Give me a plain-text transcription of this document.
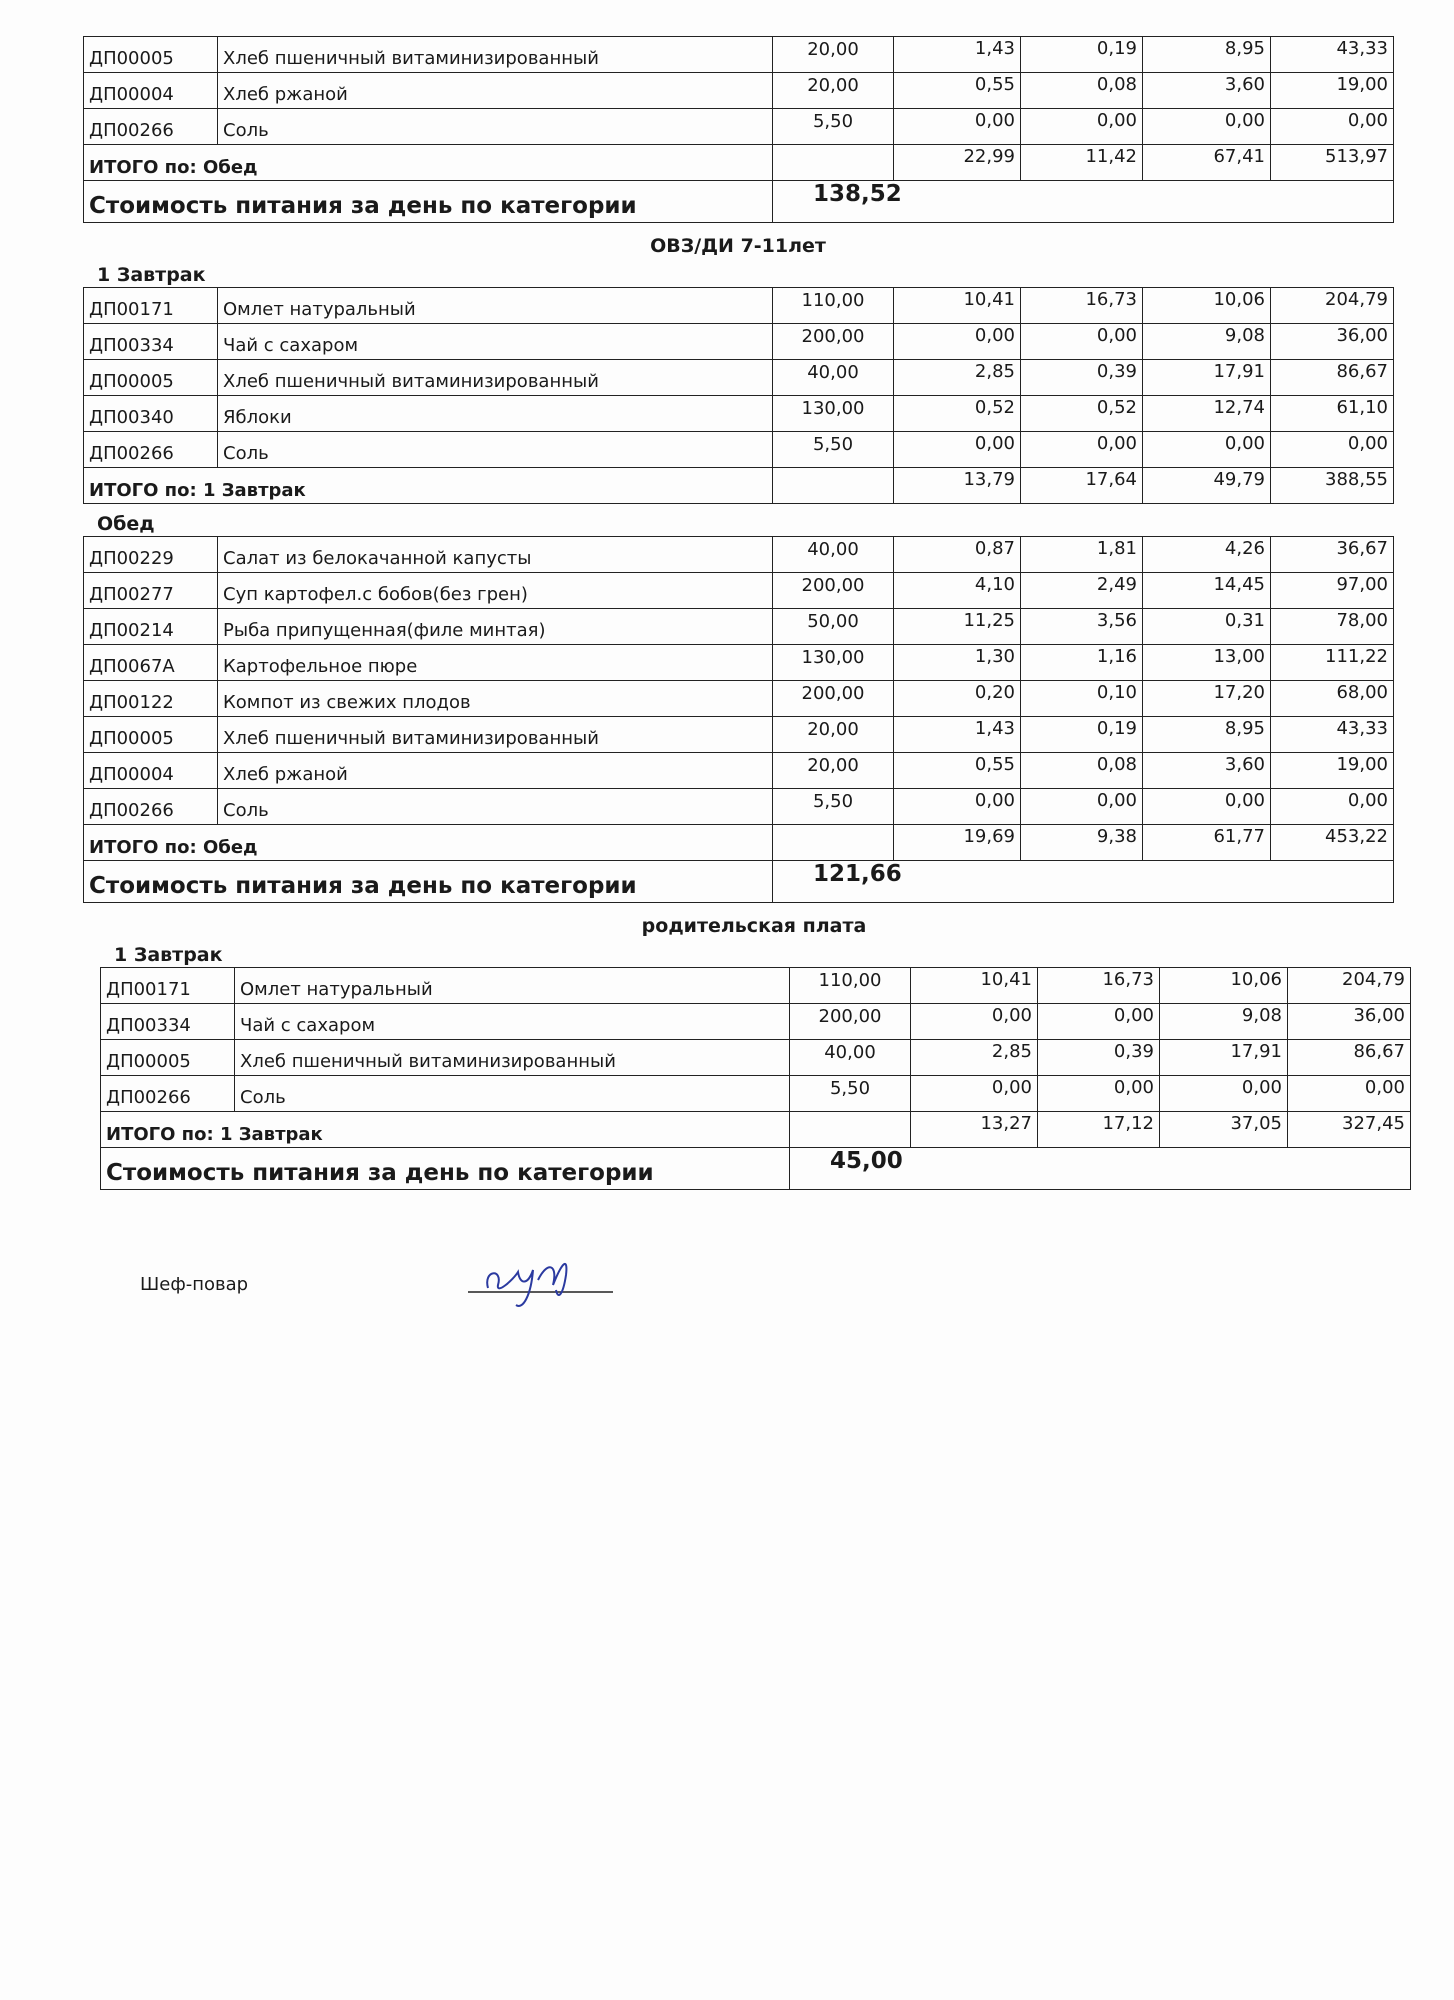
ДП00005	Хлеб пшеничный витаминизированный	20,00	1,43	0,19	8,95	43,33
ДП00004	Хлеб ржаной	20,00	0,55	0,08	3,60	19,00
ДП00266	Соль	5,50	0,00	0,00	0,00	0,00
ИТОГО по: Обед			22,99	11,42	67,41	513,97
Стоимость питания за день по категории		138,52				
ОВЗ/ДИ 7-11лет
1 Завтрак
ДП00171	Омлет натуральный	110,00	10,41	16,73	10,06	204,79
ДП00334	Чай с сахаром	200,00	0,00	0,00	9,08	36,00
ДП00005	Хлеб пшеничный витаминизированный	40,00	2,85	0,39	17,91	86,67
ДП00340	Яблоки	130,00	0,52	0,52	12,74	61,10
ДП00266	Соль	5,50	0,00	0,00	0,00	0,00
ИТОГО по: 1 Завтрак			13,79	17,64	49,79	388,55
Обед
ДП00229	Салат из белокачанной капусты	40,00	0,87	1,81	4,26	36,67
ДП00277	Суп картофел.с бобов(без грен)	200,00	4,10	2,49	14,45	97,00
ДП00214	Рыба припущенная(филе минтая)	50,00	11,25	3,56	0,31	78,00
ДП0067А	Картофельное пюре	130,00	1,30	1,16	13,00	111,22
ДП00122	Компот из свежих плодов	200,00	0,20	0,10	17,20	68,00
ДП00005	Хлеб пшеничный витаминизированный	20,00	1,43	0,19	8,95	43,33
ДП00004	Хлеб ржаной	20,00	0,55	0,08	3,60	19,00
ДП00266	Соль	5,50	0,00	0,00	0,00	0,00
ИТОГО по: Обед			19,69	9,38	61,77	453,22
Стоимость питания за день по категории		121,66				
родительская плата
1 Завтрак
ДП00171	Омлет натуральный	110,00	10,41	16,73	10,06	204,79
ДП00334	Чай с сахаром	200,00	0,00	0,00	9,08	36,00
ДП00005	Хлеб пшеничный витаминизированный	40,00	2,85	0,39	17,91	86,67
ДП00266	Соль	5,50	0,00	0,00	0,00	0,00
ИТОГО по: 1 Завтрак			13,27	17,12	37,05	327,45
Стоимость питания за день по категории		45,00				
Шеф-повар
